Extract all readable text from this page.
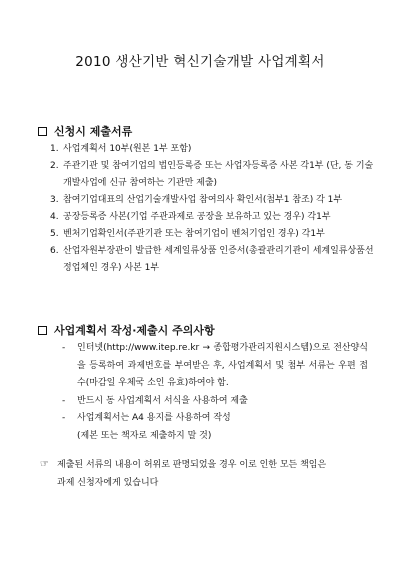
2010 생산기반 혁신기술개발 사업계획서
신청시 제출서류
1. 사업계획서 10부(원본 1부 포함)
2. 주관기관 및 참여기업의 법인등록증 또는 사업자등록증 사본 각1부 (단, 동 기술개발사업에 신규 참여하는 기관만 제출)
3. 참여기업대표의 산업기술개발사업 참여의사 확인서(첨부1 참조) 각 1부
4. 공장등록증 사본(기업 주관과제로 공장을 보유하고 있는 경우) 각1부
5. 벤처기업확인서(주관기관 또는 참여기업이 벤처기업인 경우) 각1부
6. 산업자원부장관이 발급한 세계일류상품 인증서(총괄관리기관이 세계일류상품선정업체인 경우) 사본 1부
사업계획서 작성·제출시 주의사항
-	인터넷(http://www.itep.re.kr → 종합평가관리지원시스템)으로 전산양식을 등록하여 과제번호를 부여받은 후, 사업계획서 및 첨부 서류는 우편 접수(마감일 우체국 소인 유효)하여야 함.
-	반드시 동 사업계획서 서식을 사용하여 제출
-	사업계획서는 A4 용지를 사용하여 작성
(제본 또는 책자로 제출하지 말 것)
☞ 제출된 서류의 내용이 허위로 판명되었을 경우 이로 인한 모든 책임은
과제 신청자에게 있습니다
